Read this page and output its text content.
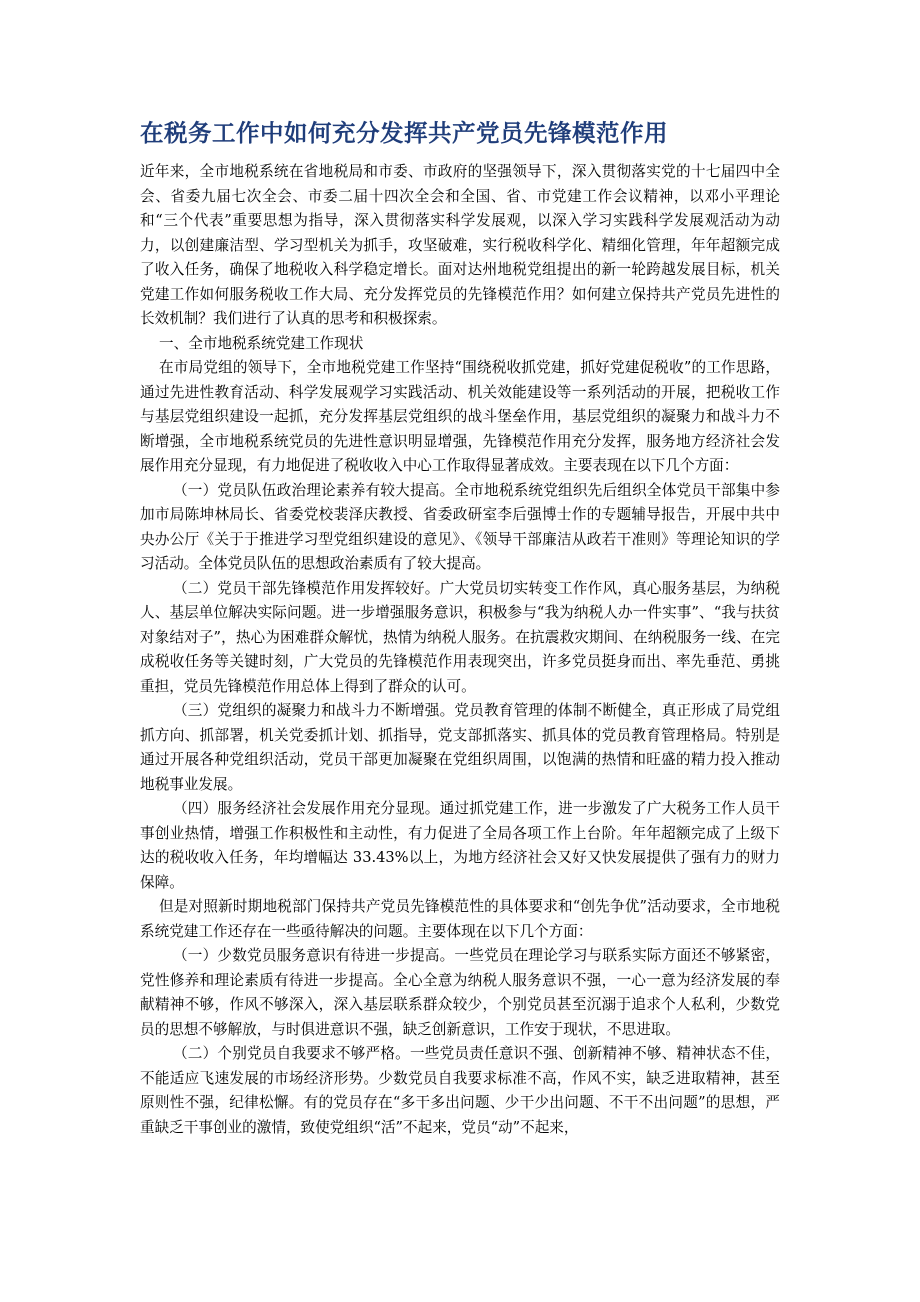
在税务工作中如何充分发挥共产党员先锋模范作用

近年来，全市地税系统在省地税局和市委、市政府的坚强领导下，深入贯彻落实党的十七届四中全会、省委九届七次全会、市委二届十四次全会和全国、省、市党建工作会议精神，以邓小平理论和“三个代表”重要思想为指导，深入贯彻落实科学发展观，以深入学习实践科学发展观活动为动力，以创建廉洁型、学习型机关为抓手，攻坚破难，实行税收科学化、精细化管理，年年超额完成了收入任务，确保了地税收入科学稳定增长。面对达州地税党组提出的新一轮跨越发展目标，机关党建工作如何服务税收工作大局、充分发挥党员的先锋模范作用？如何建立保持共产党员先进性的长效机制？我们进行了认真的思考和积极探索。

一、全市地税系统党建工作现状

在市局党组的领导下，全市地税党建工作坚持“围绕税收抓党建，抓好党建促税收”的工作思路，通过先进性教育活动、科学发展观学习实践活动、机关效能建设等一系列活动的开展，把税收工作与基层党组织建设一起抓，充分发挥基层党组织的战斗堡垒作用，基层党组织的凝聚力和战斗力不断增强，全市地税系统党员的先进性意识明显增强，先锋模范作用充分发挥，服务地方经济社会发展作用充分显现，有力地促进了税收收入中心工作取得显著成效。主要表现在以下几个方面：

（一）党员队伍政治理论素养有较大提高。全市地税系统党组织先后组织全体党员干部集中参加市局陈坤林局长、省委党校裴泽庆教授、省委政研室李后强博士作的专题辅导报告，开展中共中央办公厅《关于于推进学习型党组织建设的意见》、《领导干部廉洁从政若干准则》等理论知识的学习活动。全体党员队伍的思想政治素质有了较大提高。

（二）党员干部先锋模范作用发挥较好。广大党员切实转变工作作风，真心服务基层，为纳税人、基层单位解决实际问题。进一步增强服务意识，积极参与“我为纳税人办一件实事”、“我与扶贫对象结对子”，热心为困难群众解忧，热情为纳税人服务。在抗震救灾期间、在纳税服务一线、在完成税收任务等关键时刻，广大党员的先锋模范作用表现突出，许多党员挺身而出、率先垂范、勇挑重担，党员先锋模范作用总体上得到了群众的认可。

（三）党组织的凝聚力和战斗力不断增强。党员教育管理的体制不断健全，真正形成了局党组抓方向、抓部署，机关党委抓计划、抓指导，党支部抓落实、抓具体的党员教育管理格局。特别是通过开展各种党组织活动，党员干部更加凝聚在党组织周围，以饱满的热情和旺盛的精力投入推动地税事业发展。

（四）服务经济社会发展作用充分显现。通过抓党建工作，进一步激发了广大税务工作人员干事创业热情，增强工作积极性和主动性，有力促进了全局各项工作上台阶。年年超额完成了上级下达的税收收入任务，年均增幅达 33.43%以上，为地方经济社会又好又快发展提供了强有力的财力保障。

但是对照新时期地税部门保持共产党员先锋模范性的具体要求和“创先争优”活动要求，全市地税系统党建工作还存在一些亟待解决的问题。主要体现在以下几个方面：

（一）少数党员服务意识有待进一步提高。一些党员在理论学习与联系实际方面还不够紧密，党性修养和理论素质有待进一步提高。全心全意为纳税人服务意识不强，一心一意为经济发展的奉献精神不够，作风不够深入，深入基层联系群众较少，个别党员甚至沉溺于追求个人私利，少数党员的思想不够解放，与时俱进意识不强，缺乏创新意识，工作安于现状，不思进取。

（二）个别党员自我要求不够严格。一些党员责任意识不强、创新精神不够、精神状态不佳，不能适应飞速发展的市场经济形势。少数党员自我要求标准不高，作风不实，缺乏进取精神，甚至原则性不强，纪律松懈。有的党员存在“多干多出问题、少干少出问题、不干不出问题”的思想，严重缺乏干事创业的激情，致使党组织“活”不起来，党员“动”不起来，
